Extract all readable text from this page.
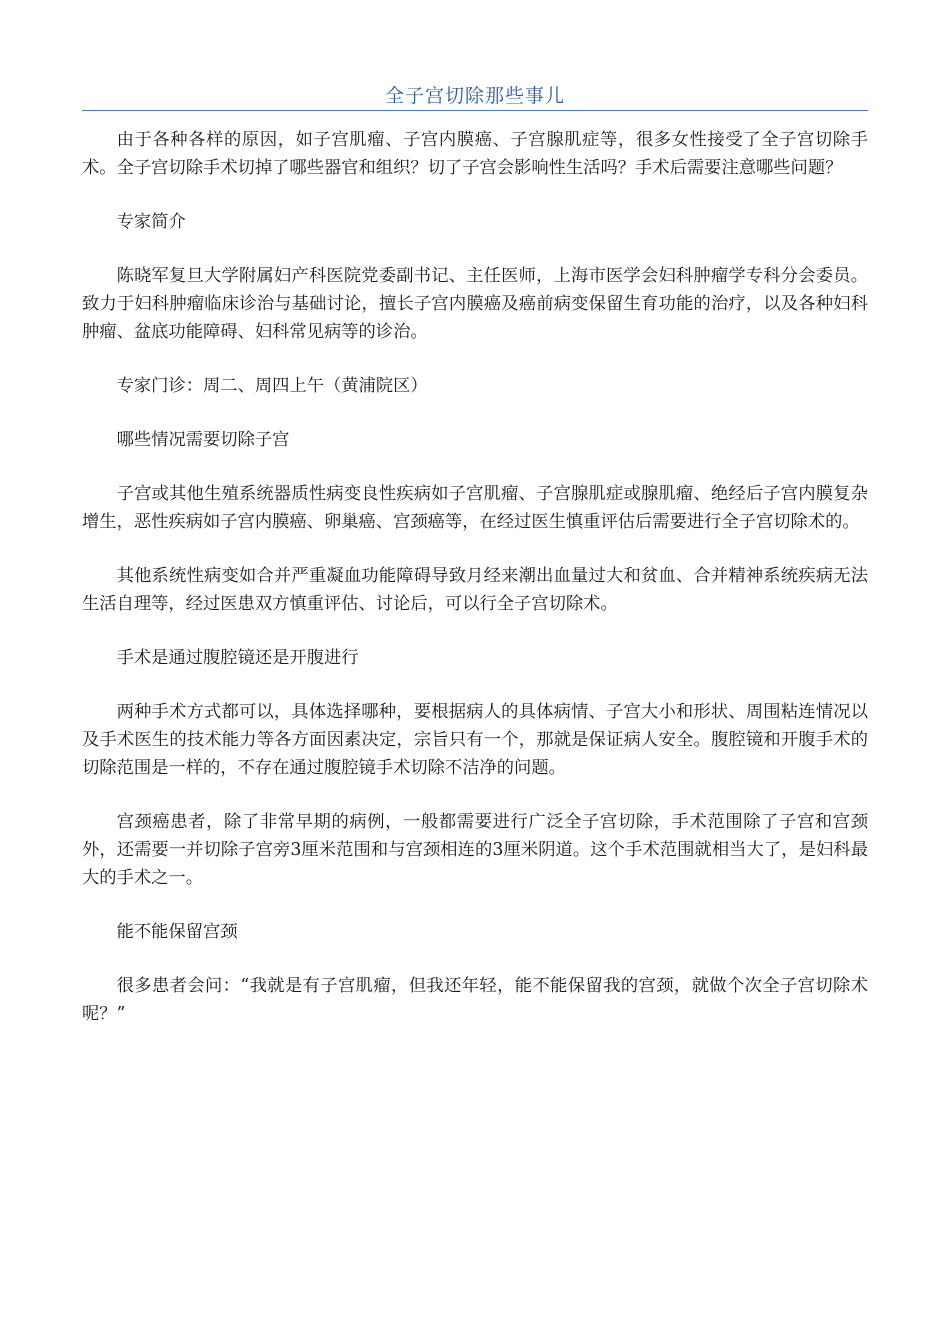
全子宫切除那些事儿

由于各种各样的原因，如子宫肌瘤、子宫内膜癌、子宫腺肌症等，很多女性接受了全子宫切除手术。全子宫切除手术切掉了哪些器官和组织？切了子宫会影响性生活吗？手术后需要注意哪些问题？

专家简介

陈晓军复旦大学附属妇产科医院党委副书记、主任医师，上海市医学会妇科肿瘤学专科分会委员。致力于妇科肿瘤临床诊治与基础讨论，擅长子宫内膜癌及癌前病变保留生育功能的治疗，以及各种妇科肿瘤、盆底功能障碍、妇科常见病等的诊治。

专家门诊：周二、周四上午（黄浦院区）

哪些情况需要切除子宫

子宫或其他生殖系统器质性病变良性疾病如子宫肌瘤、子宫腺肌症或腺肌瘤、绝经后子宫内膜复杂增生，恶性疾病如子宫内膜癌、卵巢癌、宫颈癌等，在经过医生慎重评估后需要进行全子宫切除术的。

其他系统性病变如合并严重凝血功能障碍导致月经来潮出血量过大和贫血、合并精神系统疾病无法生活自理等，经过医患双方慎重评估、讨论后，可以行全子宫切除术。

手术是通过腹腔镜还是开腹进行

两种手术方式都可以，具体选择哪种，要根据病人的具体病情、子宫大小和形状、周围粘连情况以及手术医生的技术能力等各方面因素决定，宗旨只有一个，那就是保证病人安全。腹腔镜和开腹手术的切除范围是一样的，不存在通过腹腔镜手术切除不洁净的问题。

宫颈癌患者，除了非常早期的病例，一般都需要进行广泛全子宫切除，手术范围除了子宫和宫颈外，还需要一并切除子宫旁3厘米范围和与宫颈相连的3厘米阴道。这个手术范围就相当大了，是妇科最大的手术之一。

能不能保留宫颈

很多患者会问：“我就是有子宫肌瘤，但我还年轻，能不能保留我的宫颈，就做个次全子宫切除术呢？”
